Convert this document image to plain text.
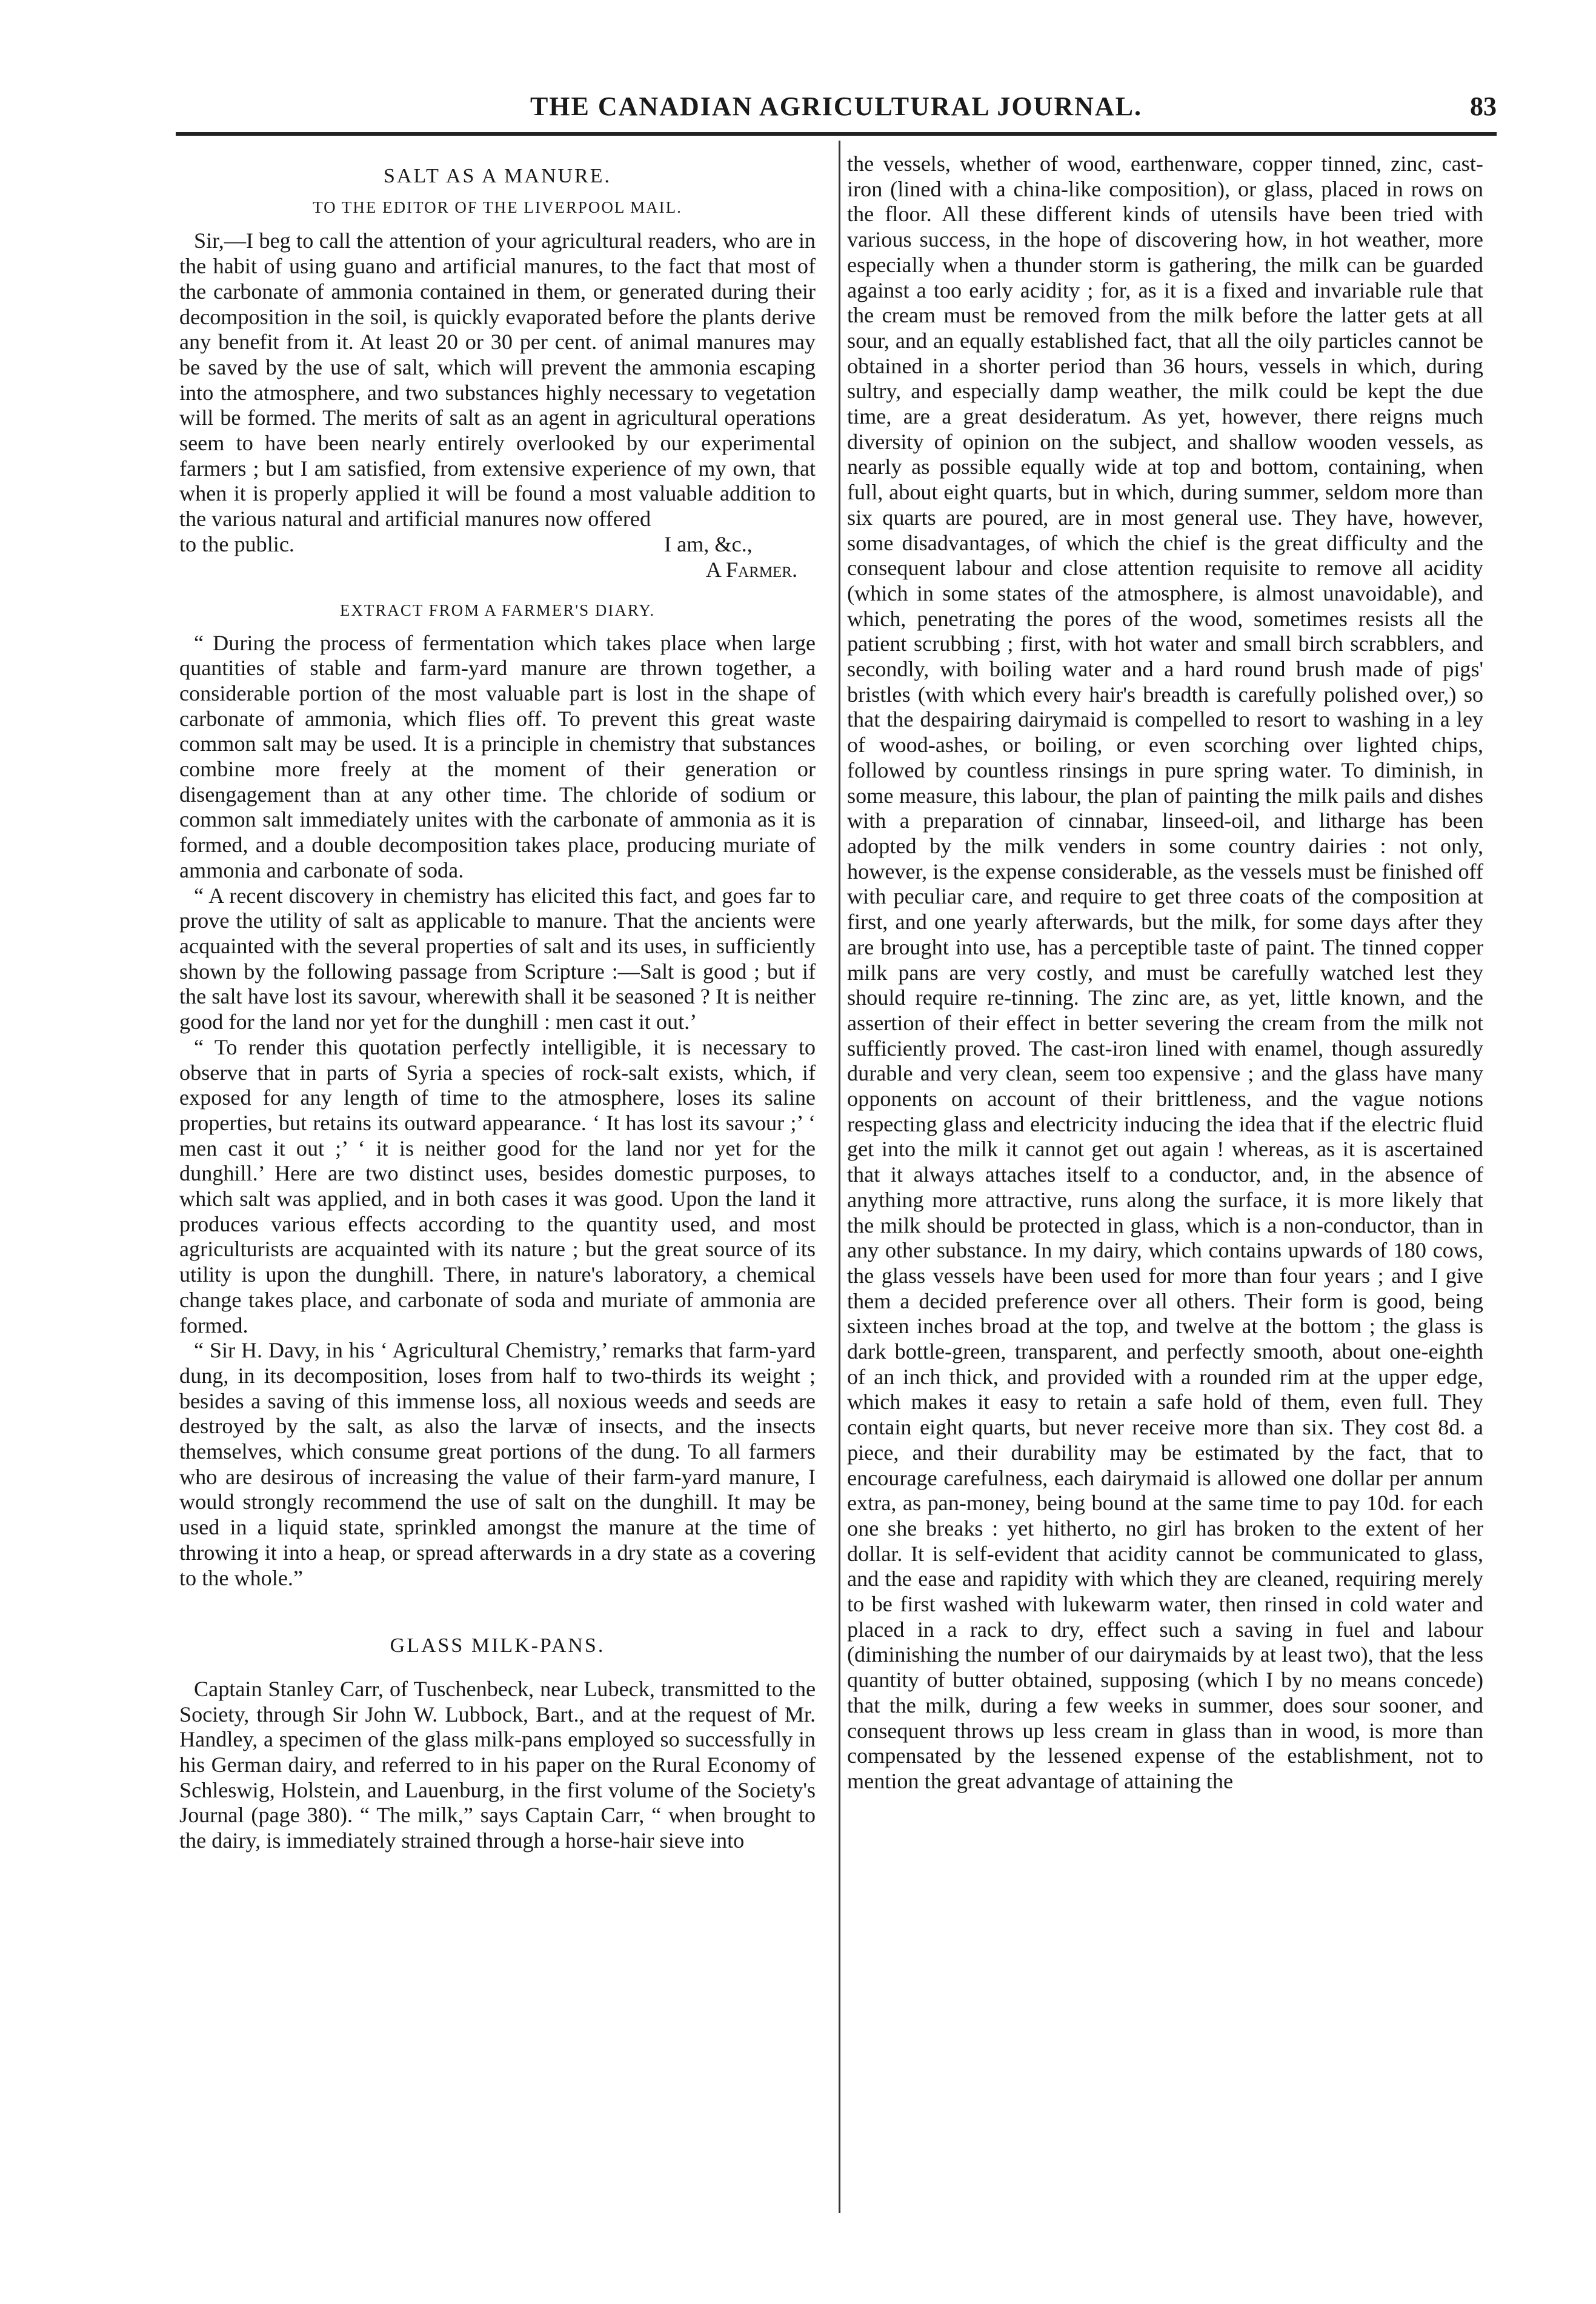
THE CANADIAN AGRICULTURAL JOURNAL.	83
SALT AS A MANURE.
TO THE EDITOR OF THE LIVERPOOL MAIL.

Sir,—I beg to call the attention of your agricultural readers, who are in the habit of using guano and artificial manures, to the fact that most of the carbonate of ammonia contained in them, or generated during their decomposition in the soil, is quickly evaporated before the plants derive any benefit from it. At least 20 or 30 per cent. of animal manures may be saved by the use of salt, which will prevent the ammonia escaping into the atmosphere, and two substances highly necessary to vegetation will be formed. The merits of salt as an agent in agricultural operations seem to have been nearly entirely overlooked by our experimental farmers ; but I am satisfied, from extensive experience of my own, that when it is properly applied it will be found a most valuable addition to the various natural and artificial manures now offered

to the public.	I am, &c.,
A Farmer.
EXTRACT FROM A FARMER'S DIARY.

“ During the process of fermentation which takes place when large quantities of stable and farm-yard manure are thrown together, a considerable portion of the most valuable part is lost in the shape of carbonate of ammonia, which flies off. To prevent this great waste common salt may be used. It is a principle in chemistry that substances combine more freely at the moment of their generation or disengagement than at any other time. The chloride of sodium or common salt immediately unites with the carbonate of ammonia as it is formed, and a double decomposition takes place, producing muriate of ammonia and carbonate of soda.

“ A recent discovery in chemistry has elicited this fact, and goes far to prove the utility of salt as applicable to manure. That the ancients were acquainted with the several properties of salt and its uses, in sufficiently shown by the following passage from Scripture :—Salt is good ; but if the salt have lost its savour, wherewith shall it be seasoned ? It is neither good for the land nor yet for the dunghill : men cast it out.’

“ To render this quotation perfectly intelligible, it is necessary to observe that in parts of Syria a species of rock-salt exists, which, if exposed for any length of time to the atmosphere, loses its saline properties, but retains its outward appearance. ‘ It has lost its savour ;’ ‘ men cast it out ;’ ‘ it is neither good for the land nor yet for the dunghill.’ Here are two distinct uses, besides domestic purposes, to which salt was applied, and in both cases it was good. Upon the land it produces various effects according to the quantity used, and most agriculturists are acquainted with its nature ; but the great source of its utility is upon the dunghill. There, in nature's laboratory, a chemical change takes place, and carbonate of soda and muriate of ammonia are formed.

“ Sir H. Davy, in his ‘ Agricultural Chemistry,’ remarks that farm-yard dung, in its decomposition, loses from half to two-thirds its weight ; besides a saving of this immense loss, all noxious weeds and seeds are destroyed by the salt, as also the larvæ of insects, and the insects themselves, which consume great portions of the dung. To all farmers who are desirous of increasing the value of their farm-yard manure, I would strongly recommend the use of salt on the dunghill. It may be used in a liquid state, sprinkled amongst the manure at the time of throwing it into a heap, or spread afterwards in a dry state as a covering to the whole.”

GLASS MILK-PANS.

Captain Stanley Carr, of Tuschenbeck, near Lubeck, transmitted to the Society, through Sir John W. Lubbock, Bart., and at the request of Mr. Handley, a specimen of the glass milk-pans employed so successfully in his German dairy, and referred to in his paper on the Rural Economy of Schleswig, Holstein, and Lauenburg, in the first volume of the Society's Journal (page 380). “ The milk,” says Captain Carr, “ when brought to the dairy, is immediately strained through a horse-hair sieve into

the vessels, whether of wood, earthenware, copper tinned, zinc, cast-iron (lined with a china-like composition), or glass, placed in rows on the floor. All these different kinds of utensils have been tried with various success, in the hope of discovering how, in hot weather, more especially when a thunder storm is gathering, the milk can be guarded against a too early acidity ; for, as it is a fixed and invariable rule that the cream must be removed from the milk before the latter gets at all sour, and an equally established fact, that all the oily particles cannot be obtained in a shorter period than 36 hours, vessels in which, during sultry, and especially damp weather, the milk could be kept the due time, are a great desideratum. As yet, however, there reigns much diversity of opinion on the subject, and shallow wooden vessels, as nearly as possible equally wide at top and bottom, containing, when full, about eight quarts, but in which, during summer, seldom more than six quarts are poured, are in most general use. They have, however, some disadvantages, of which the chief is the great difficulty and the consequent labour and close attention requisite to remove all acidity (which in some states of the atmosphere, is almost unavoidable), and which, penetrating the pores of the wood, sometimes resists all the patient scrubbing ; first, with hot water and small birch scrabblers, and secondly, with boiling water and a hard round brush made of pigs' bristles (with which every hair's breadth is carefully polished over,) so that the despairing dairymaid is compelled to resort to washing in a ley of wood-ashes, or boiling, or even scorching over lighted chips, followed by countless rinsings in pure spring water. To diminish, in some measure, this labour, the plan of painting the milk pails and dishes with a preparation of cinnabar, linseed-oil, and litharge has been adopted by the milk venders in some country dairies : not only, however, is the expense considerable, as the vessels must be finished off with peculiar care, and require to get three coats of the composition at first, and one yearly afterwards, but the milk, for some days after they are brought into use, has a perceptible taste of paint. The tinned copper milk pans are very costly, and must be carefully watched lest they should require re-tinning. The zinc are, as yet, little known, and the assertion of their effect in better severing the cream from the milk not sufficiently proved. The cast-iron lined with enamel, though assuredly durable and very clean, seem too expensive ; and the glass have many opponents on account of their brittleness, and the vague notions respecting glass and electricity inducing the idea that if the electric fluid get into the milk it cannot get out again ! whereas, as it is ascertained that it always attaches itself to a conductor, and, in the absence of anything more attractive, runs along the surface, it is more likely that the milk should be protected in glass, which is a non-conductor, than in any other substance. In my dairy, which contains upwards of 180 cows, the glass vessels have been used for more than four years ; and I give them a decided preference over all others. Their form is good, being sixteen inches broad at the top, and twelve at the bottom ; the glass is dark bottle-green, transparent, and perfectly smooth, about one-eighth of an inch thick, and provided with a rounded rim at the upper edge, which makes it easy to retain a safe hold of them, even full. They contain eight quarts, but never receive more than six. They cost 8d. a piece, and their durability may be estimated by the fact, that to encourage carefulness, each dairymaid is allowed one dollar per annum extra, as pan-money, being bound at the same time to pay 10d. for each one she breaks : yet hitherto, no girl has broken to the extent of her dollar. It is self-evident that acidity cannot be communicated to glass, and the ease and rapidity with which they are cleaned, requiring merely to be first washed with lukewarm water, then rinsed in cold water and placed in a rack to dry, effect such a saving in fuel and labour (diminishing the number of our dairymaids by at least two), that the less quantity of butter obtained, supposing (which I by no means concede) that the milk, during a few weeks in summer, does sour sooner, and consequent throws up less cream in glass than in wood, is more than compensated by the lessened expense of the establishment, not to mention the great advantage of attaining the
